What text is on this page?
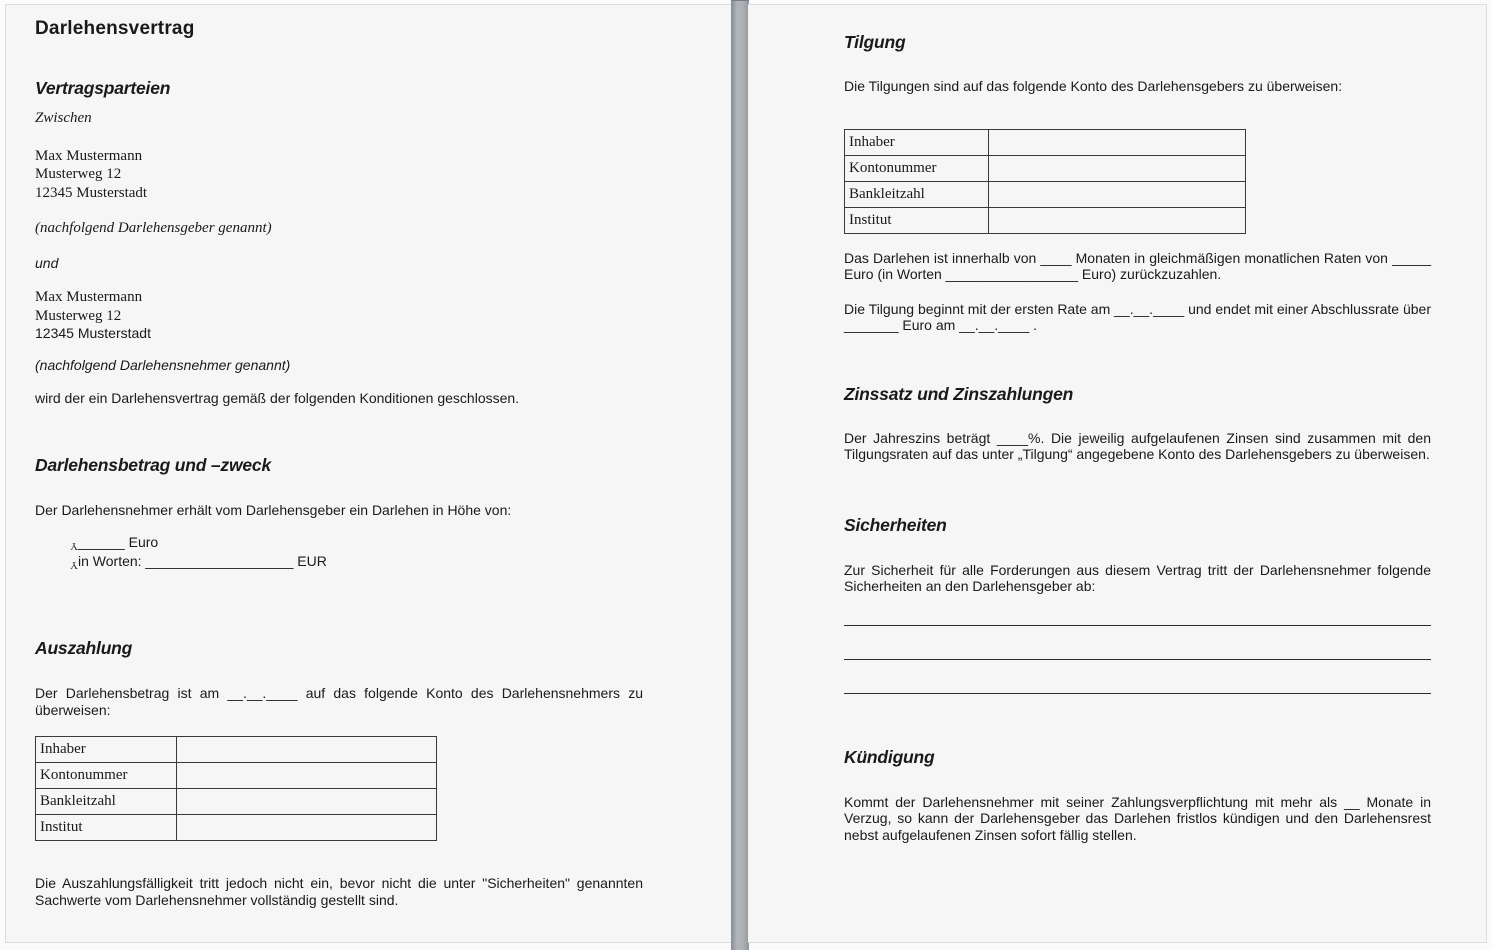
Darlehensvertrag
Vertragsparteien

Zwischen

Max Mustermann
Musterweg 12
12345 Musterstadt

(nachfolgend Darlehensgeber genannt)

und

Max Mustermann
Musterweg 12
12345 Musterstadt

(nachfolgend Darlehensnehmer genannt)

wird der ein Darlehensvertrag gemäß der folgenden Konditionen geschlossen.

Darlehensbetrag und –zweck

Der Darlehensnehmer erhält vom Darlehensgeber ein Darlehen in Höhe von:

Y______ Euro
Yin Worten: ___________________ EUR
Auszahlung

Der Darlehensbetrag ist am __.__.____ auf das folgende Konto des Darlehensnehmers zu überweisen:

Inhaber	
Kontonummer	
Bankleitzahl	
Institut	

Die Auszahlungsfälligkeit tritt jedoch nicht ein, bevor nicht die unter "Sicherheiten" genannten Sachwerte vom Darlehensnehmer vollständig gestellt sind.

Tilgung

Die Tilgungen sind auf das folgende Konto des Darlehensgebers zu überweisen:

Inhaber	
Kontonummer	
Bankleitzahl	
Institut	

Das Darlehen ist innerhalb von ____ Monaten in gleichmäßigen monatlichen Raten von _____ Euro (in Worten _________________ Euro) zurückzuzahlen.

Die Tilgung beginnt mit der ersten Rate am __.__.____ und endet mit einer Abschlussrate über _______ Euro am __.__.____ .

Zinssatz und Zinszahlungen

Der Jahreszins beträgt ____%. Die jeweilig aufgelaufenen Zinsen sind zusammen mit den Tilgungsraten auf das unter „Tilgung“ angegebene Konto des Darlehensgebers zu überweisen.

Sicherheiten

Zur Sicherheit für alle Forderungen aus diesem Vertrag tritt der Darlehensnehmer folgende Sicherheiten an den Darlehensgeber ab:

Kündigung

Kommt der Darlehensnehmer mit seiner Zahlungsverpflichtung mit mehr als __ Monate in Verzug, so kann der Darlehensgeber das Darlehen fristlos kündigen und den Darlehensrest nebst aufgelaufenen Zinsen sofort fällig stellen.
